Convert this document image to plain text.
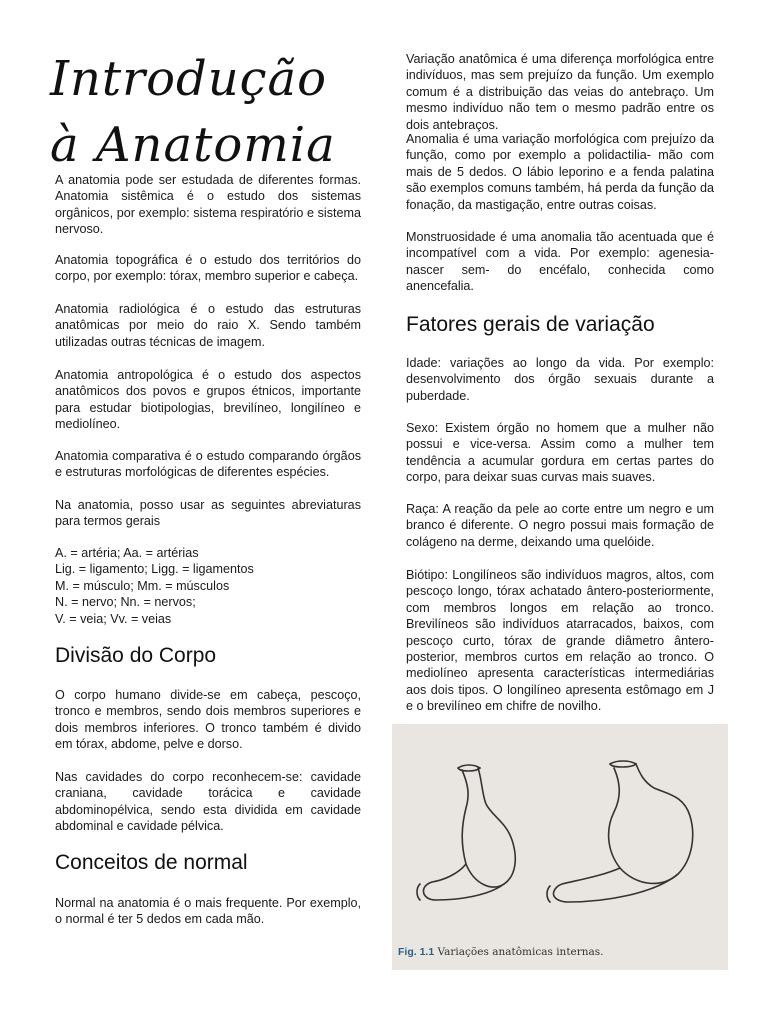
Introdução
à Anatomia

A anatomia pode ser estudada de diferentes formas. Anatomia sistêmica é o estudo dos sistemas orgânicos, por exemplo: sistema respiratório e sistema nervoso.

Anatomia topográfica é o estudo dos territórios do corpo, por exemplo: tórax, membro superior e cabeça.

Anatomia radiológica é o estudo das estruturas anatômicas por meio do raio X. Sendo também utilizadas outras técnicas de imagem.

Anatomia antropológica é o estudo dos aspectos anatômicos dos povos e grupos étnicos, importante para estudar biotipologias, brevilíneo, longilíneo e mediolíneo.

Anatomia comparativa é o estudo comparando órgãos e estruturas morfológicas de diferentes espécies.

Na anatomia, posso usar as seguintes abreviaturas para termos gerais

A. = artéria; Aa. = artérias
Lig. = ligamento; Ligg. = ligamentos
M. = músculo; Mm. = músculos
N. = nervo; Nn. = nervos;
V. = veia; Vv. = veias

Divisão do Corpo

O corpo humano divide-se em cabeça, pescoço, tronco e membros, sendo dois membros superiores e dois membros inferiores. O tronco também é divido em tórax, abdome, pelve e dorso.

Nas cavidades do corpo reconhecem-se: cavidade craniana, cavidade torácica e cavidade abdominopélvica, sendo esta dividida em cavidade abdominal e cavidade pélvica.

Conceitos de normal

Normal na anatomia é o mais frequente. Por exemplo, o normal é ter 5 dedos em cada mão.

Variação anatômica é uma diferença morfológica entre indivíduos, mas sem prejuízo da função. Um exemplo comum é a distribuição das veias do antebraço. Um mesmo indivíduo não tem o mesmo padrão entre os dois antebraços.

Anomalia é uma variação morfológica com prejuízo da função, como por exemplo a polidactilia- mão com mais de 5 dedos. O lábio leporino e a fenda palatina são exemplos comuns também, há perda da função da fonação, da mastigação, entre outras coisas.

Monstruosidade é uma anomalia tão acentuada que é incompatível com a vida. Por exemplo: agenesia- nascer sem- do encéfalo, conhecida como anencefalia.

Fatores gerais de variação

Idade: variações ao longo da vida. Por exemplo: desenvolvimento dos órgão sexuais durante a puberdade.

Sexo: Existem órgão no homem que a mulher não possui e vice-versa. Assim como a mulher tem tendência a acumular gordura em certas partes do corpo, para deixar suas curvas mais suaves.

Raça: A reação da pele ao corte entre um negro e um branco é diferente. O negro possui mais formação de colágeno na derme, deixando uma quelóide.

Biótipo: Longilíneos são indivíduos magros, altos, com pescoço longo, tórax achatado ântero-posteriormente, com membros longos em relação ao tronco. Brevilíneos são indivíduos atarracados, baixos, com pescoço curto, tórax de grande diâmetro ântero-posterior, membros curtos em relação ao tronco. O mediolíneo apresenta características intermediárias aos dois tipos. O longilíneo apresenta estômago em J e o brevilíneo em chifre de novilho.

Fig. 1.1 Variações anatômicas internas.
